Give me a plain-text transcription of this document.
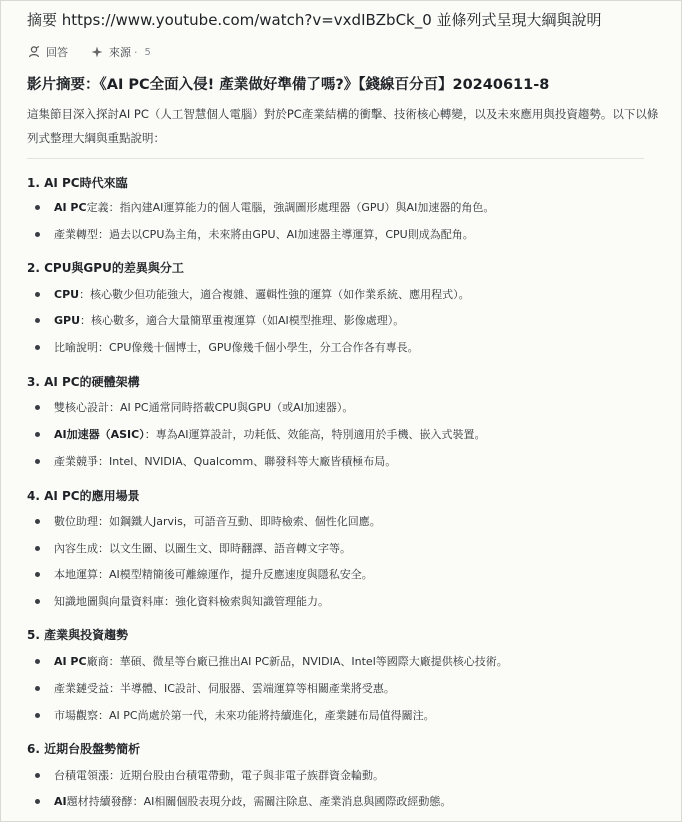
摘要 https://www.youtube.com/watch?v=vxdIBZbCk_0 並條列式呈現大綱與說明
回答	來源 · 5
影片摘要：《AI PC全面入侵! 產業做好準備了嗎?》【錢線百分百】20240611-8
這集節目深入探討AI PC（人工智慧個人電腦）對於PC產業結構的衝擊、技術核心轉變，以及未來應用與投資趨勢。以下以條列式整理大綱與重點說明：
1. AI PC時代來臨
AI PC定義：指內建AI運算能力的個人電腦，強調圖形處理器（GPU）與AI加速器的角色。
產業轉型：過去以CPU為主角，未來將由GPU、AI加速器主導運算，CPU則成為配角。
2. CPU與GPU的差異與分工
CPU：核心數少但功能強大，適合複雜、邏輯性強的運算（如作業系統、應用程式）。
GPU：核心數多，適合大量簡單重複運算（如AI模型推理、影像處理）。
比喻說明：CPU像幾十個博士，GPU像幾千個小學生，分工合作各有專長。
3. AI PC的硬體架構
雙核心設計：AI PC通常同時搭載CPU與GPU（或AI加速器）。
AI加速器（ASIC）：專為AI運算設計，功耗低、效能高，特別適用於手機、嵌入式裝置。
產業競爭：Intel、NVIDIA、Qualcomm、聯發科等大廠皆積極布局。
4. AI PC的應用場景
數位助理：如鋼鐵人Jarvis，可語音互動、即時檢索、個性化回應。
內容生成：以文生圖、以圖生文、即時翻譯、語音轉文字等。
本地運算：AI模型精簡後可離線運作，提升反應速度與隱私安全。
知識地圖與向量資料庫：強化資料檢索與知識管理能力。
5. 產業與投資趨勢
AI PC廠商：華碩、微星等台廠已推出AI PC新品，NVIDIA、Intel等國際大廠提供核心技術。
產業鏈受益：半導體、IC設計、伺服器、雲端運算等相關產業將受惠。
市場觀察：AI PC尚處於第一代，未來功能將持續進化，產業鏈布局值得關注。
6. 近期台股盤勢簡析
台積電領漲：近期台股由台積電帶動，電子與非電子族群資金輪動。
AI題材持續發酵：AI相關個股表現分歧，需關注除息、產業消息與國際政經動態。
